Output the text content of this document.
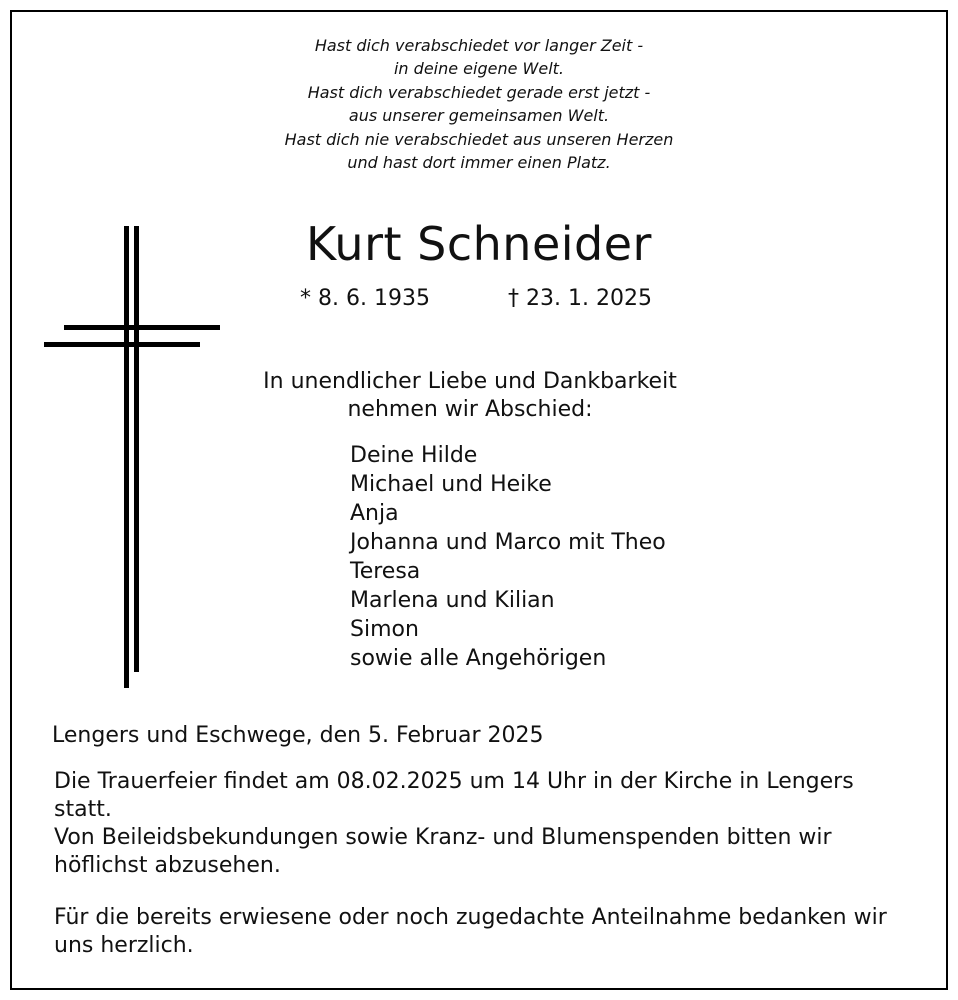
Hast dich verabschiedet vor langer Zeit -
in deine eigene Welt.
Hast dich verabschiedet gerade erst jetzt -
aus unserer gemeinsamen Welt.
Hast dich nie verabschiedet aus unseren Herzen
und hast dort immer einen Platz.
Kurt Schneider
* 8. 6. 1935	† 23. 1. 2025
In unendlicher Liebe und Dankbarkeit
nehmen wir Abschied:
Deine Hilde
Michael und Heike
Anja
Johanna und Marco mit Theo
Teresa
Marlena und Kilian
Simon
sowie alle Angehörigen
Lengers und Eschwege, den 5. Februar 2025
Die Trauerfeier findet am 08.02.2025 um 14 Uhr in der Kirche in Lengers statt.
Von Beileidsbekundungen sowie Kranz- und Blumenspenden bitten wir höflichst abzusehen.
Für die bereits erwiesene oder noch zugedachte Anteilnahme bedanken wir uns herzlich.
